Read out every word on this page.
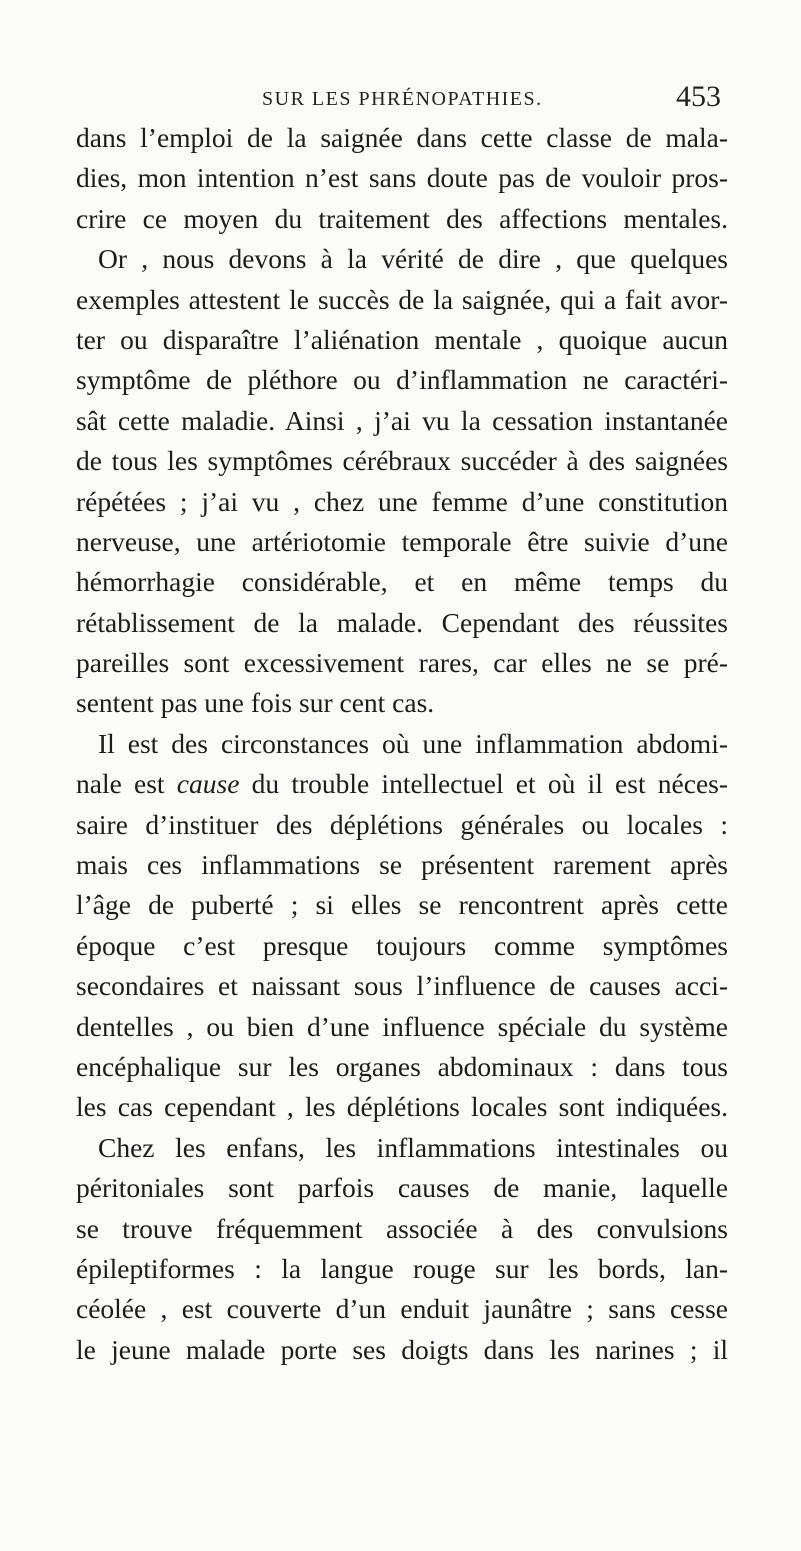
SUR LES PHRÉNOPATHIES.	453
dans l’emploi de la saignée dans cette classe de mala-
dies, mon intention n’est sans doute pas de vouloir pros-
crire ce moyen du traitement des affections mentales.
Or , nous devons à la vérité de dire , que quelques
exemples attestent le succès de la saignée, qui a fait avor-
ter ou disparaître l’aliénation mentale , quoique aucun
symptôme de pléthore ou d’inflammation ne caractéri-
sât cette maladie. Ainsi , j’ai vu la cessation instantanée
de tous les symptômes cérébraux succéder à des saignées
répétées ; j’ai vu , chez une femme d’une constitution
nerveuse, une artériotomie temporale être suivie d’une
hémorrhagie considérable, et en même temps du
rétablissement de la malade. Cependant des réussites
pareilles sont excessivement rares, car elles ne se pré-
sentent pas une fois sur cent cas.
Il est des circonstances où une inflammation abdomi-
nale est cause du trouble intellectuel et où il est néces-
saire d’instituer des déplétions générales ou locales :
mais ces inflammations se présentent rarement après
l’âge de puberté ; si elles se rencontrent après cette
époque c’est presque toujours comme symptômes
secondaires et naissant sous l’influence de causes acci-
dentelles , ou bien d’une influence spéciale du système
encéphalique sur les organes abdominaux : dans tous
les cas cependant , les déplétions locales sont indiquées.
Chez les enfans, les inflammations intestinales ou
péritoniales sont parfois causes de manie, laquelle
se trouve fréquemment associée à des convulsions
épileptiformes : la langue rouge sur les bords, lan-
céolée , est couverte d’un enduit jaunâtre ; sans cesse
le jeune malade porte ses doigts dans les narines ; il
